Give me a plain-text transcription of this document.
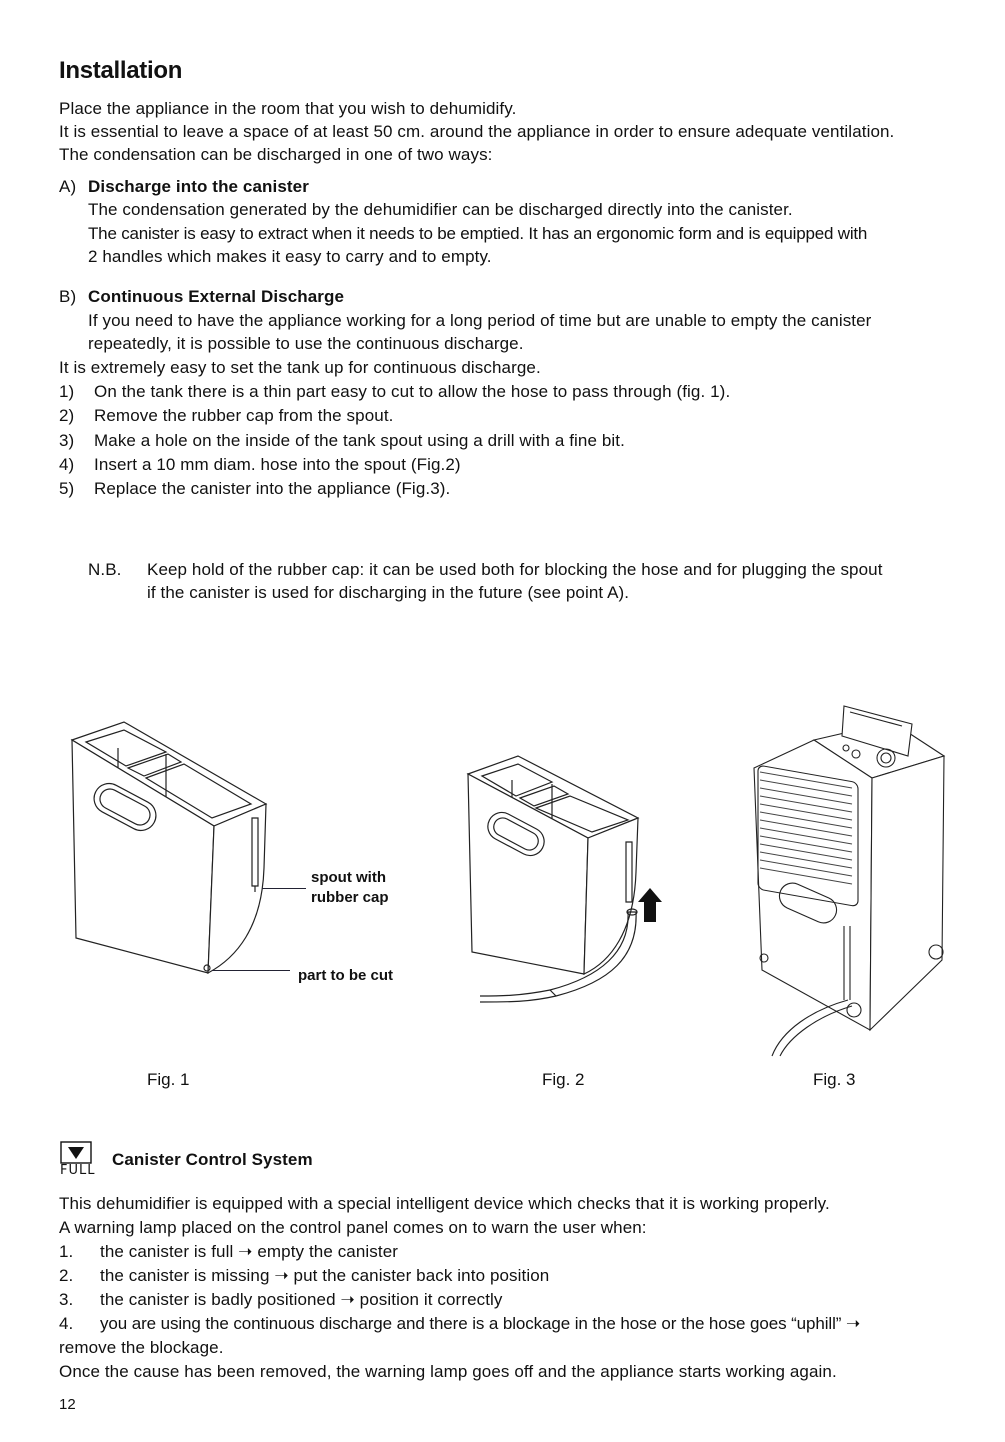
Installation
Place the appliance in the room that you wish to dehumidify.
It is essential to leave a space of at least 50 cm. around the appliance in order to ensure adequate ventilation.
The condensation can be discharged in one of two ways:
A) Discharge into the canister
The condensation generated by the dehumidifier can be discharged directly into the canister.
The canister is easy to extract when it needs to be emptied. It has an ergonomic form and is equipped with
2 handles which makes it easy to carry and to empty.
B) Continuous External Discharge
If you need to have the appliance working for a long period of time but are unable to empty the canister
repeatedly, it is possible to use the continuous discharge.
It is extremely easy to set the tank up for continuous discharge.
1) On the tank there is a thin part easy to cut to allow the hose to pass through (fig. 1).
2) Remove the rubber cap from the spout.
3) Make a hole on the inside of the tank spout using a drill with a fine bit.
4) Insert a 10 mm diam. hose into the spout (Fig.2)
5) Replace the canister into the appliance (Fig.3).
N.B. Keep hold of the rubber cap: it can be used both for blocking the hose and for plugging the spout
if the canister is used for discharging in the future (see point A).
spout with
rubber cap
part to be cut
Fig. 1	Fig. 2	Fig. 3
FULL
Canister Control System
This dehumidifier is equipped with a special intelligent device which checks that it is working properly.
A warning lamp placed on the control panel comes on to warn the user when:
1. the canister is full ➝ empty the canister
2. the canister is missing ➝ put the canister back into position
3. the canister is badly positioned ➝ position it correctly
4. you are using the continuous discharge and there is a blockage in the hose or the hose goes “uphill” ➝
remove the blockage.
Once the cause has been removed, the warning lamp goes off and the appliance starts working again.
12
